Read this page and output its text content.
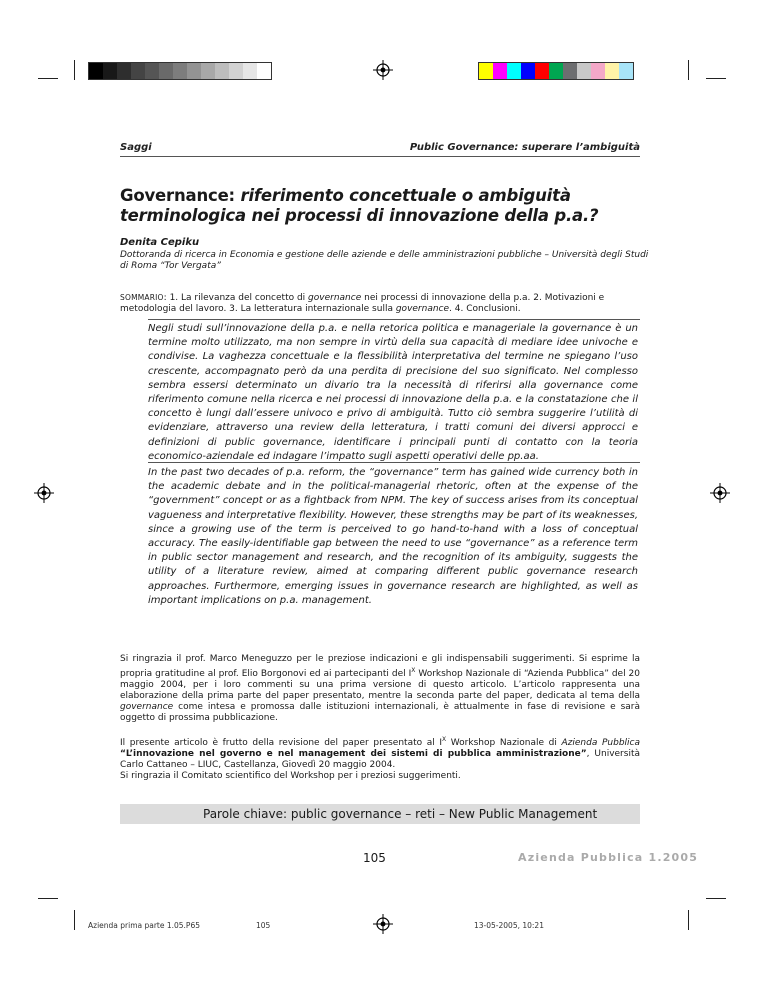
Saggi	Public Governance: superare l’ambiguità
Governance: riferimento concettuale o ambiguità terminologica nei processi di innovazione della p.a.?
Denita Cepiku
Dottoranda di ricerca in Economia e gestione delle aziende e delle amministrazioni pubbliche – Università degli Studi di Roma “Tor Vergata”
SOMMARIO: 1. La rilevanza del concetto di governance nei processi di innovazione della p.a. 2. Motivazioni e metodologia del lavoro. 3. La letteratura internazionale sulla governance. 4. Conclusioni.
Negli studi sull’innovazione della p.a. e nella retorica politica e manageriale la governance è un termine molto utilizzato, ma non sempre in virtù della sua capacità di mediare idee univoche e condivise. La vaghezza concettuale e la flessibilità interpretativa del termine ne spiegano l’uso crescente, accompagnato però da una perdita di precisione del suo significato. Nel complesso sembra essersi determinato un divario tra la necessità di riferirsi alla governance come riferimento comune nella ricerca e nei processi di innovazione della p.a. e la constatazione che il concetto è lungi dall’essere univoco e privo di ambiguità. Tutto ciò sembra suggerire l’utilità di evidenziare, attraverso una review della letteratura, i tratti comuni dei diversi approcci e definizioni di public governance, identificare i principali punti di contatto con la teoria economico-aziendale ed indagare l’impatto sugli aspetti operativi delle pp.aa.
In the past two decades of p.a. reform, the “governance” term has gained wide currency both in the academic debate and in the political-managerial rhetoric, often at the expense of the “government” concept or as a fightback from NPM. The key of success arises from its conceptual vagueness and interpretative flexibility. However, these strengths may be part of its weaknesses, since a growing use of the term is perceived to go hand-to-hand with a loss of conceptual accuracy. The easily-identifiable gap between the need to use “governance” as a reference term in public sector management and research, and the recognition of its ambiguity, suggests the utility of a literature review, aimed at comparing different public governance research approaches. Furthermore, emerging issues in governance research are highlighted, as well as important implications on p.a. management.

Si ringrazia il prof. Marco Meneguzzo per le preziose indicazioni e gli indispensabili suggerimenti. Si esprime la propria gratitudine al prof. Elio Borgonovi ed ai partecipanti del $I^X$ Workshop Nazionale di “Azienda Pubblica” del 20 maggio 2004, per i loro commenti su una prima versione di questo articolo. L’articolo rappresenta una elaborazione della prima parte del paper presentato, mentre la seconda parte del paper, dedicata al tema della governance come intesa e promossa dalle istituzioni internazionali, è attualmente in fase di revisione e sarà oggetto di prossima pubblicazione.

Il presente articolo è frutto della revisione del paper presentato al $I^X$ Workshop Nazionale di Azienda Pubblica “L’innovazione nel governo e nel management dei sistemi di pubblica amministrazione”, Università Carlo Cattaneo – LIUC, Castellanza, Giovedì 20 maggio 2004.

Si ringrazia il Comitato scientifico del Workshop per i preziosi suggerimenti.

Parole chiave: public governance – reti – New Public Management
105	Azienda Pubblica 1.2005
Azienda prima parte 1.05.P65	105	13-05-2005, 10:21
